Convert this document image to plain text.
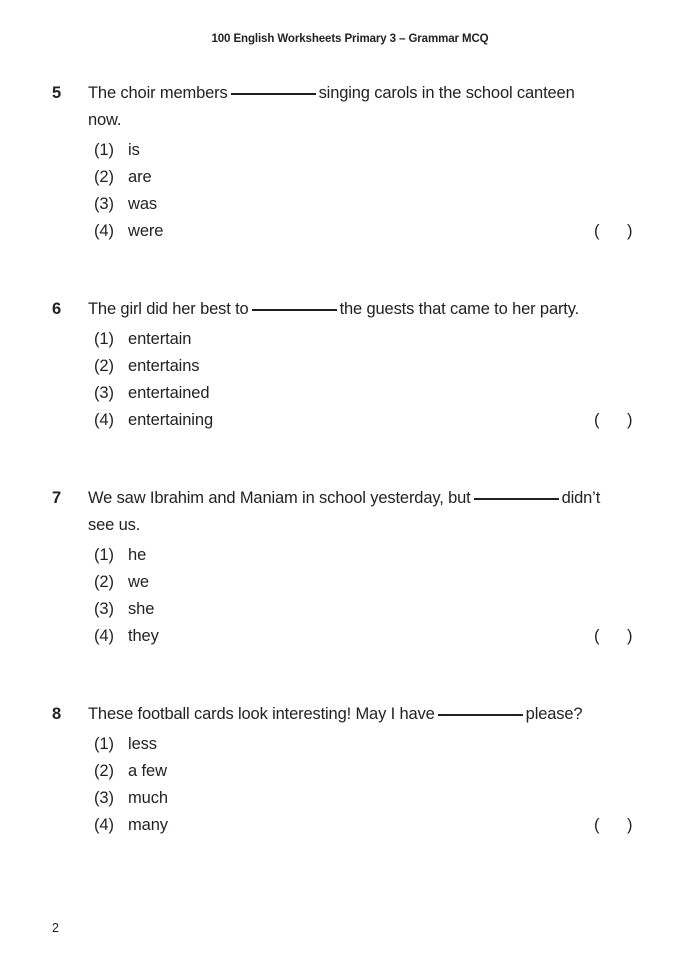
100 English Worksheets Primary 3 – Grammar MCQ
5	The choir members	singing carols in the school canteen now.
(1) is
(2) are
(3) was
(4) were	(      )
6	The girl did her best to	the guests that came to her party.
(1) entertain
(2) entertains
(3) entertained
(4) entertaining	(      )
7	We saw Ibrahim and Maniam in school yesterday, but	didn’t see us.
(1) he
(2) we
(3) she
(4) they	(      )
8	These football cards look interesting! May I have	please?
(1) less
(2) a few
(3) much
(4) many	(      )
2
